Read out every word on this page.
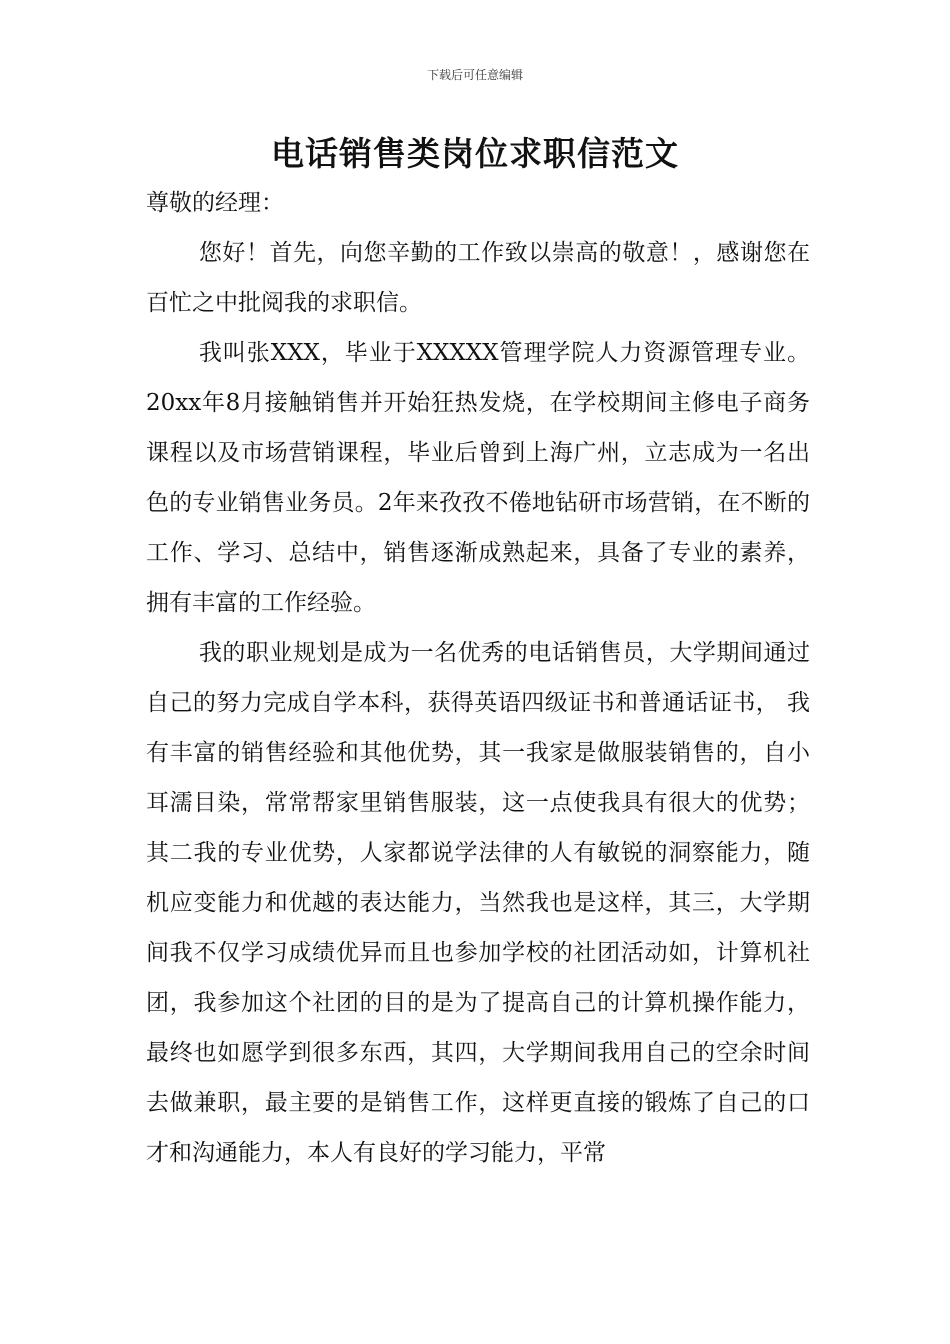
下载后可任意编辑
电话销售类岗位求职信范文

尊敬的经理：

您好！首先，向您辛勤的工作致以崇高的敬意！，感谢您在百忙之中批阅我的求职信。

我叫张XXX，毕业于XXXXX管理学院人力资源管理专业。20xx年8月接触销售并开始狂热发烧，在学校期间主修电子商务课程以及市场营销课程，毕业后曾到上海广州，立志成为一名出色的专业销售业务员。2年来孜孜不倦地钻研市场营销，在不断的工作、学习、总结中，销售逐渐成熟起来，具备了专业的素养，拥有丰富的工作经验。

我的职业规划是成为一名优秀的电话销售员，大学期间通过自己的努力完成自学本科，获得英语四级证书和普通话证书， 我有丰富的销售经验和其他优势，其一我家是做服装销售的，自小耳濡目染，常常帮家里销售服装，这一点使我具有很大的优势；其二我的专业优势，人家都说学法律的人有敏锐的洞察能力，随机应变能力和优越的表达能力，当然我也是这样，其三，大学期间我不仅学习成绩优异而且也参加学校的社团活动如，计算机社团，我参加这个社团的目的是为了提高自己的计算机操作能力，最终也如愿学到很多东西，其四，大学期间我用自己的空余时间去做兼职，最主要的是销售工作，这样更直接的锻炼了自己的口才和沟通能力，本人有良好的学习能力，平常
